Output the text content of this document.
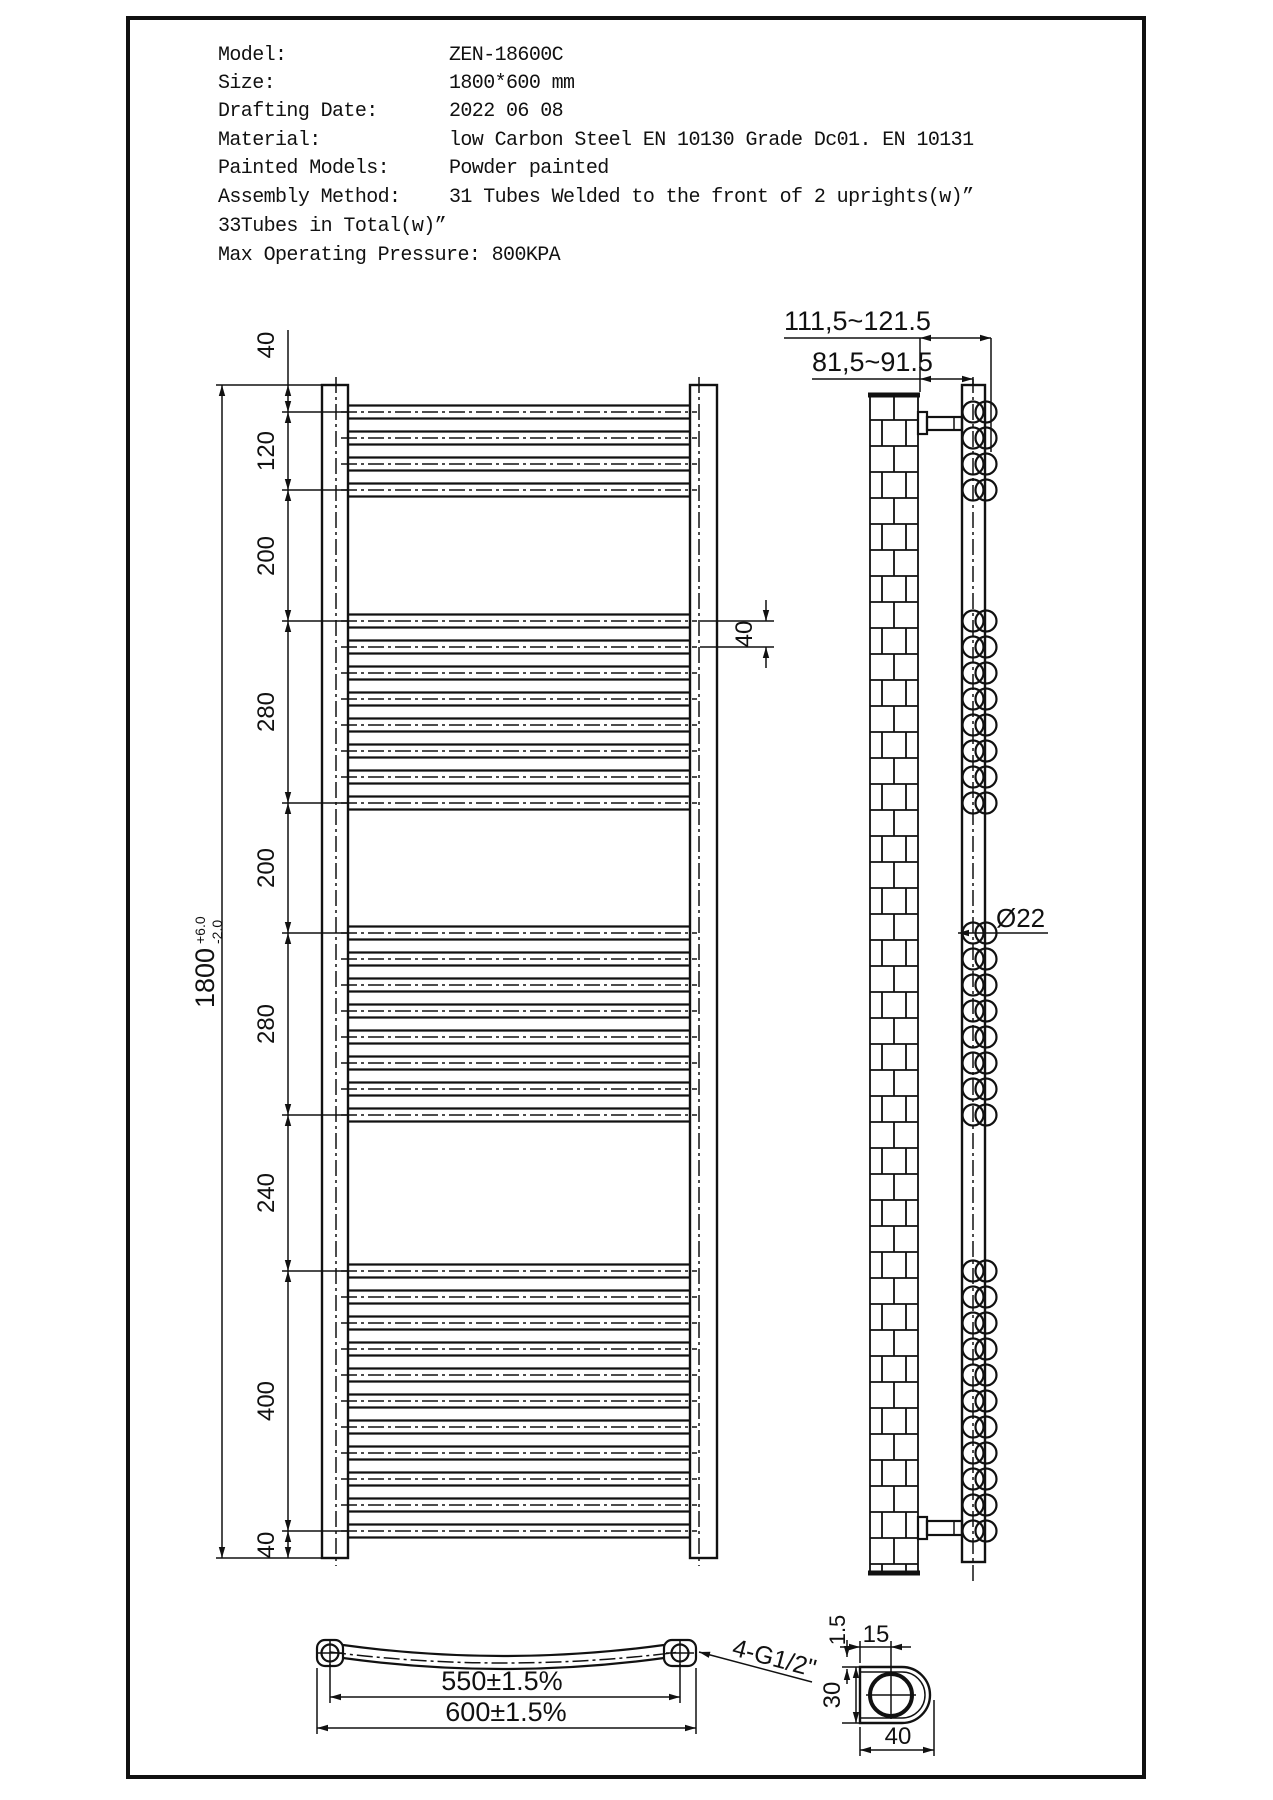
Model:	ZEN-18600C
Size:	1800*600 mm
Drafting Date:	2022 06 08
Material:	low Carbon Steel EN 10130 Grade Dc01. EN 10131
Painted Models:	Powder painted
Assembly Method: 31 Tubes Welded to the front of 2 uprights(w)”
33Tubes in Total(w)”
Max Operating Pressure: 800KPA
1800
+6.0 -2.0
40
120
200
280
200
280
240
400
40
40
111,5~121.5
81,5~91.5
Ø22
4-G1/2"
550±1.5%
600±1.5%
15
1.5
30
40
